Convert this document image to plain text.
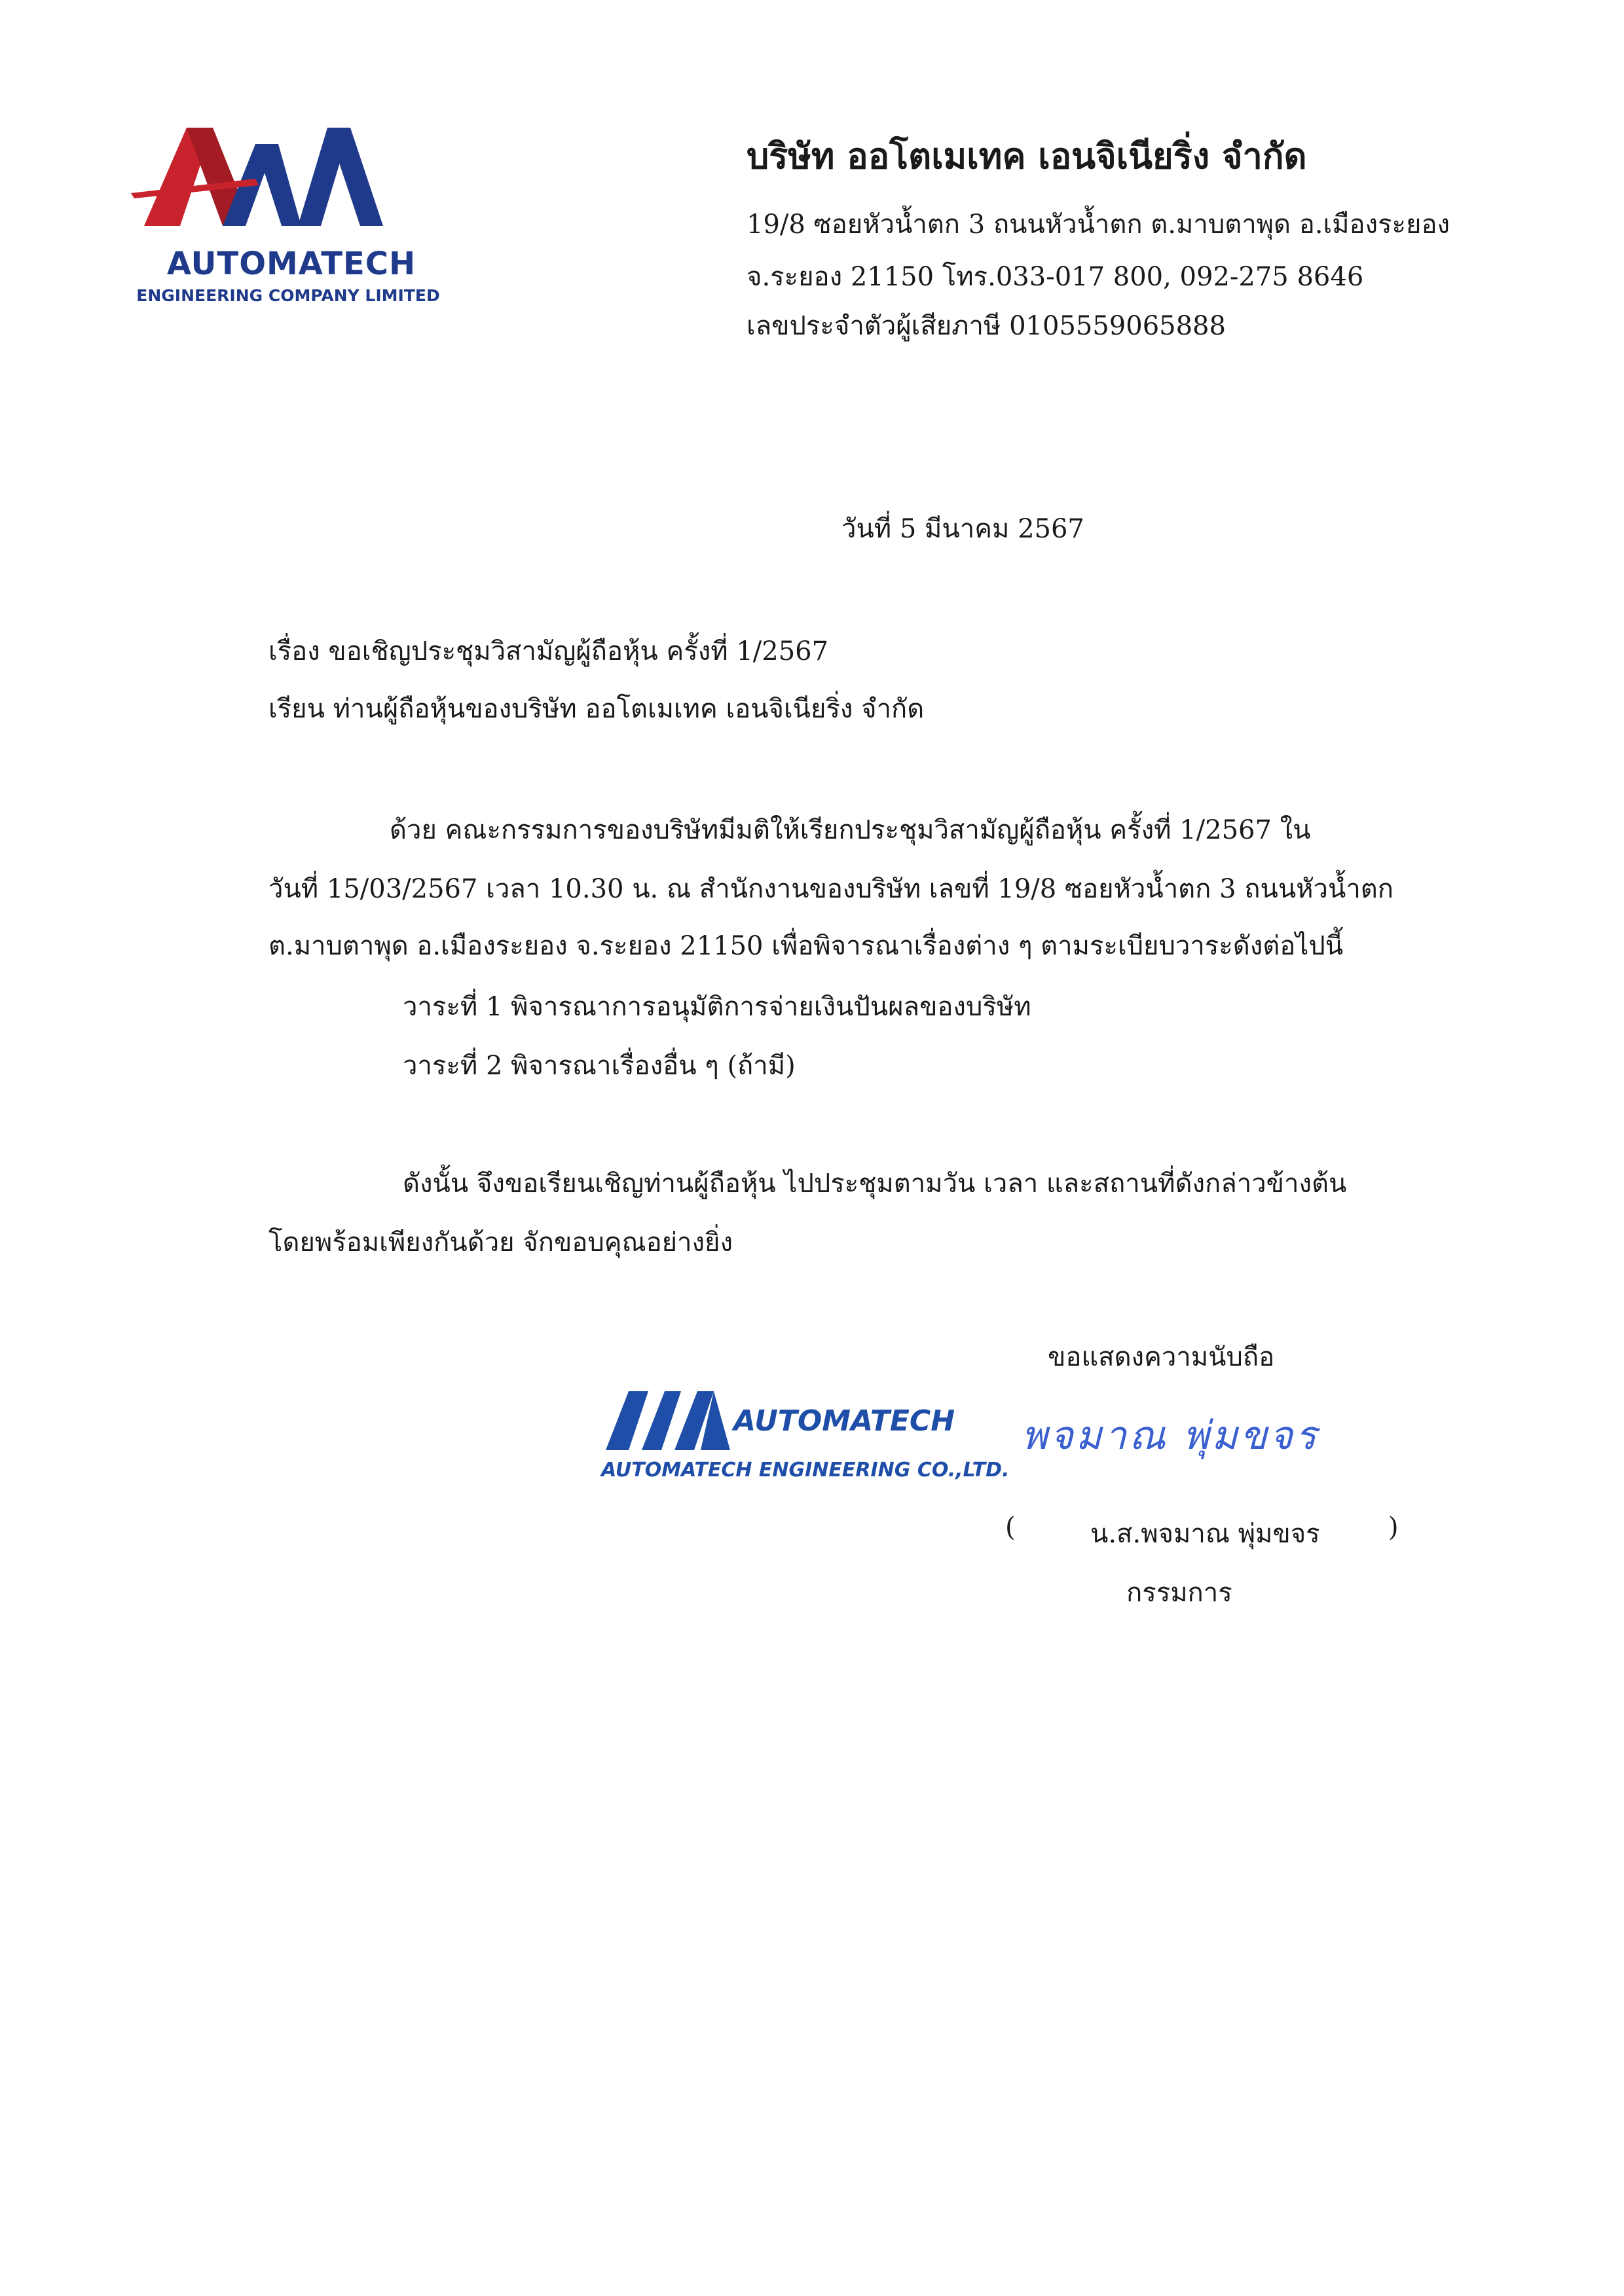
AUTOMATECH
ENGINEERING COMPANY LIMITED
บริษัท ออโตเมเทค เอนจิเนียริ่ง จำกัด
19/8 ซอยหัวน้ำตก 3 ถนนหัวน้ำตก ต.มาบตาพุด อ.เมืองระยอง
จ.ระยอง 21150 โทร.033-017 800, 092-275 8646
เลขประจำตัวผู้เสียภาษี 0105559065888
วันที่ 5 มีนาคม 2567
เรื่อง ขอเชิญประชุมวิสามัญผู้ถือหุ้น ครั้งที่ 1/2567
เรียน ท่านผู้ถือหุ้นของบริษัท ออโตเมเทค เอนจิเนียริ่ง จำกัด
ด้วย คณะกรรมการของบริษัทมีมติให้เรียกประชุมวิสามัญผู้ถือหุ้น ครั้งที่ 1/2567 ใน
วันที่ 15/03/2567 เวลา 10.30 น. ณ สำนักงานของบริษัท เลขที่ 19/8 ซอยหัวน้ำตก 3 ถนนหัวน้ำตก
ต.มาบตาพุด อ.เมืองระยอง จ.ระยอง 21150 เพื่อพิจารณาเรื่องต่าง ๆ ตามระเบียบวาระดังต่อไปนี้
วาระที่ 1 พิจารณาการอนุมัติการจ่ายเงินปันผลของบริษัท
วาระที่ 2 พิจารณาเรื่องอื่น ๆ (ถ้ามี)
ดังนั้น จึงขอเรียนเชิญท่านผู้ถือหุ้น ไปประชุมตามวัน เวลา และสถานที่ดังกล่าวข้างต้น
โดยพร้อมเพียงกันด้วย จักขอบคุณอย่างยิ่ง
ขอแสดงความนับถือ
AUTOMATECH
AUTOMATECH ENGINEERING CO.,LTD.
พจมาณ พุ่มขจร
(	น.ส.พจมาณ พุ่มขจร	)
กรรมการ
